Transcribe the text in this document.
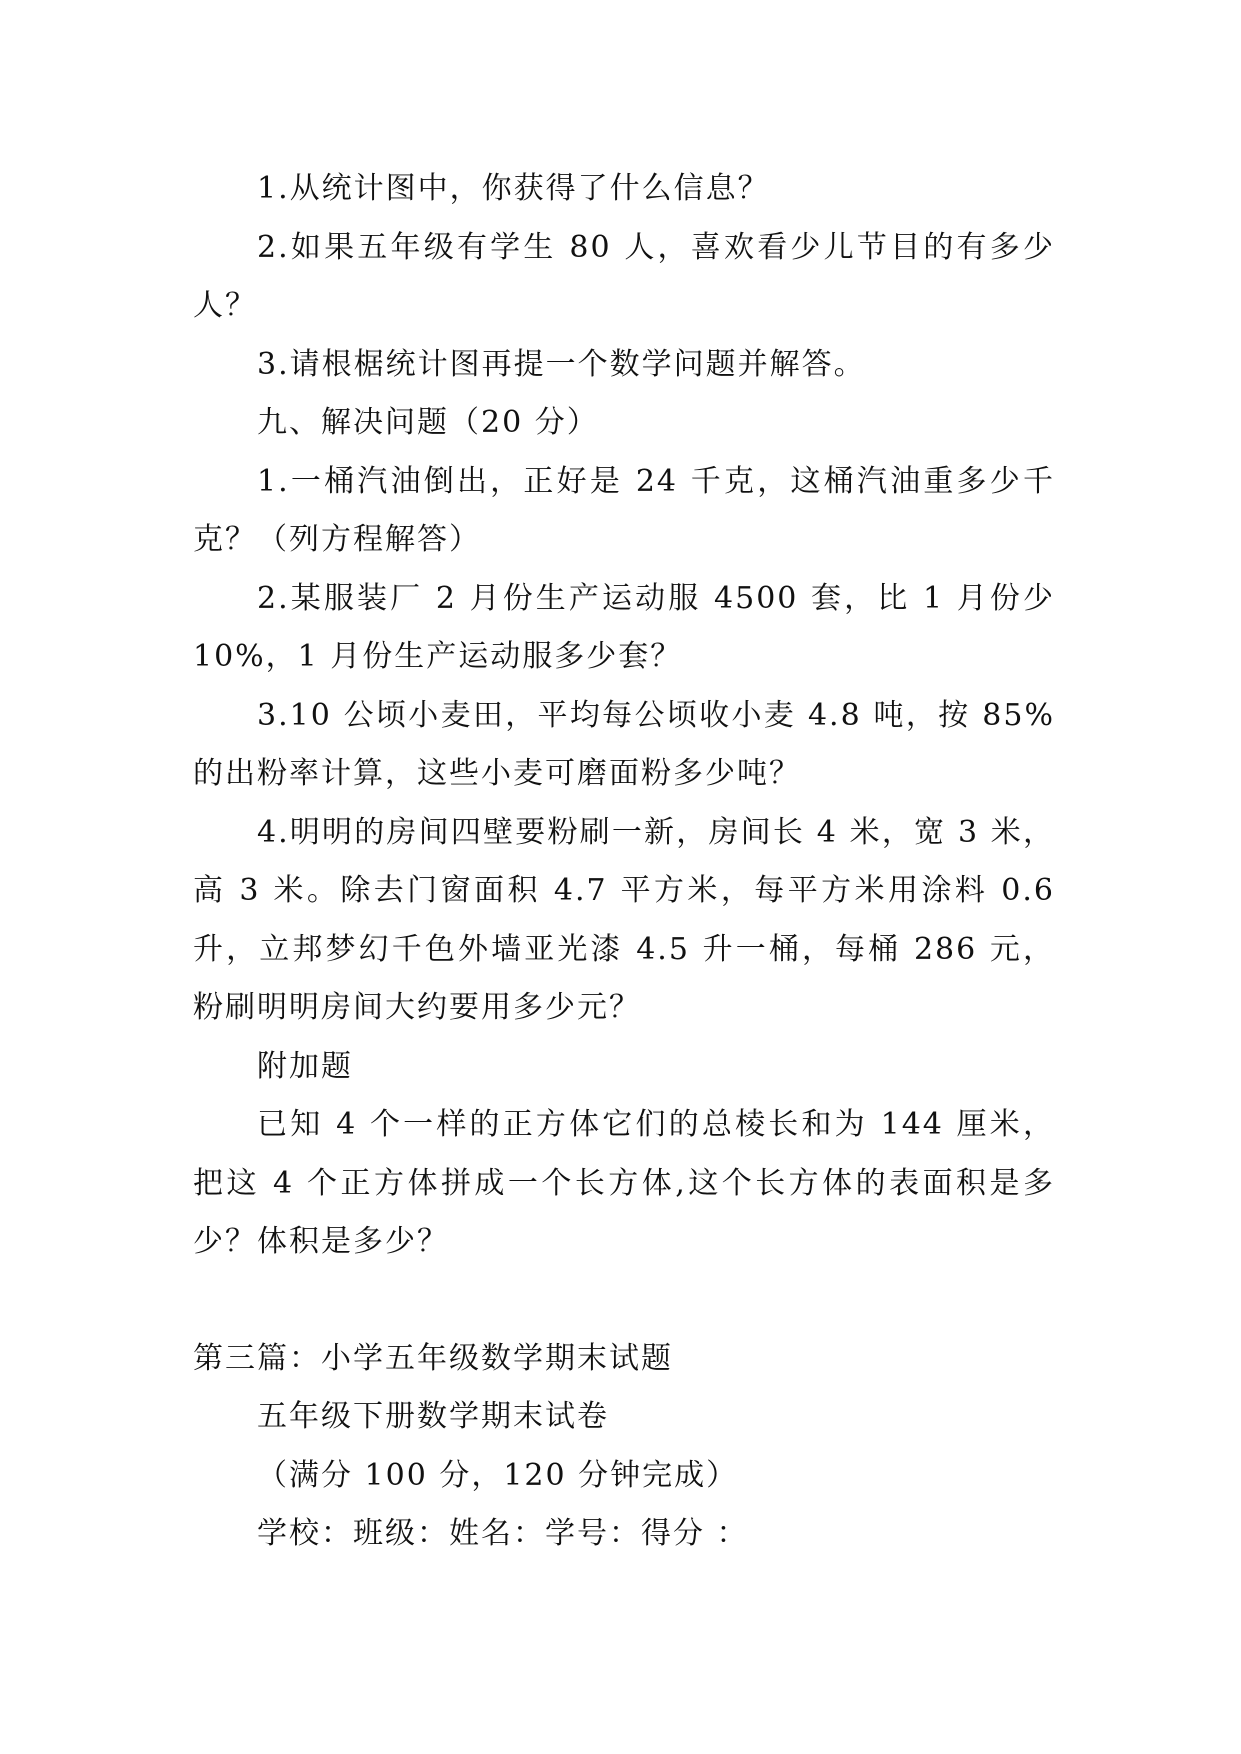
1.从统计图中，你获得了什么信息？

2.如果五年级有学生 80 人，喜欢看少儿节目的有多少人？

3.请根椐统计图再提一个数学问题并解答。

九、解决问题（20 分）

1.一桶汽油倒出，正好是 24 千克，这桶汽油重多少千克？（列方程解答）

2.某服装厂 2 月份生产运动服 4500 套，比 1 月份少 10%，1 月份生产运动服多少套？

3.10 公顷小麦田，平均每公顷收小麦 4.8 吨，按 85%的出粉率计算，这些小麦可磨面粉多少吨？

4.明明的房间四壁要粉刷一新，房间长 4 米，宽 3 米，高 3 米。除去门窗面积 4.7 平方米，每平方米用涂料 0.6 升，立邦梦幻千色外墙亚光漆 4.5 升一桶，每桶 286 元，粉刷明明房间大约要用多少元？

附加题

已知 4 个一样的正方体它们的总棱长和为 144 厘米，把这 4 个正方体拼成一个长方体,这个长方体的表面积是多少？体积是多少？

第三篇：小学五年级数学期末试题

五年级下册数学期末试卷

（满分 100 分，120 分钟完成）

学校：班级：姓名：学号：得分 ：
